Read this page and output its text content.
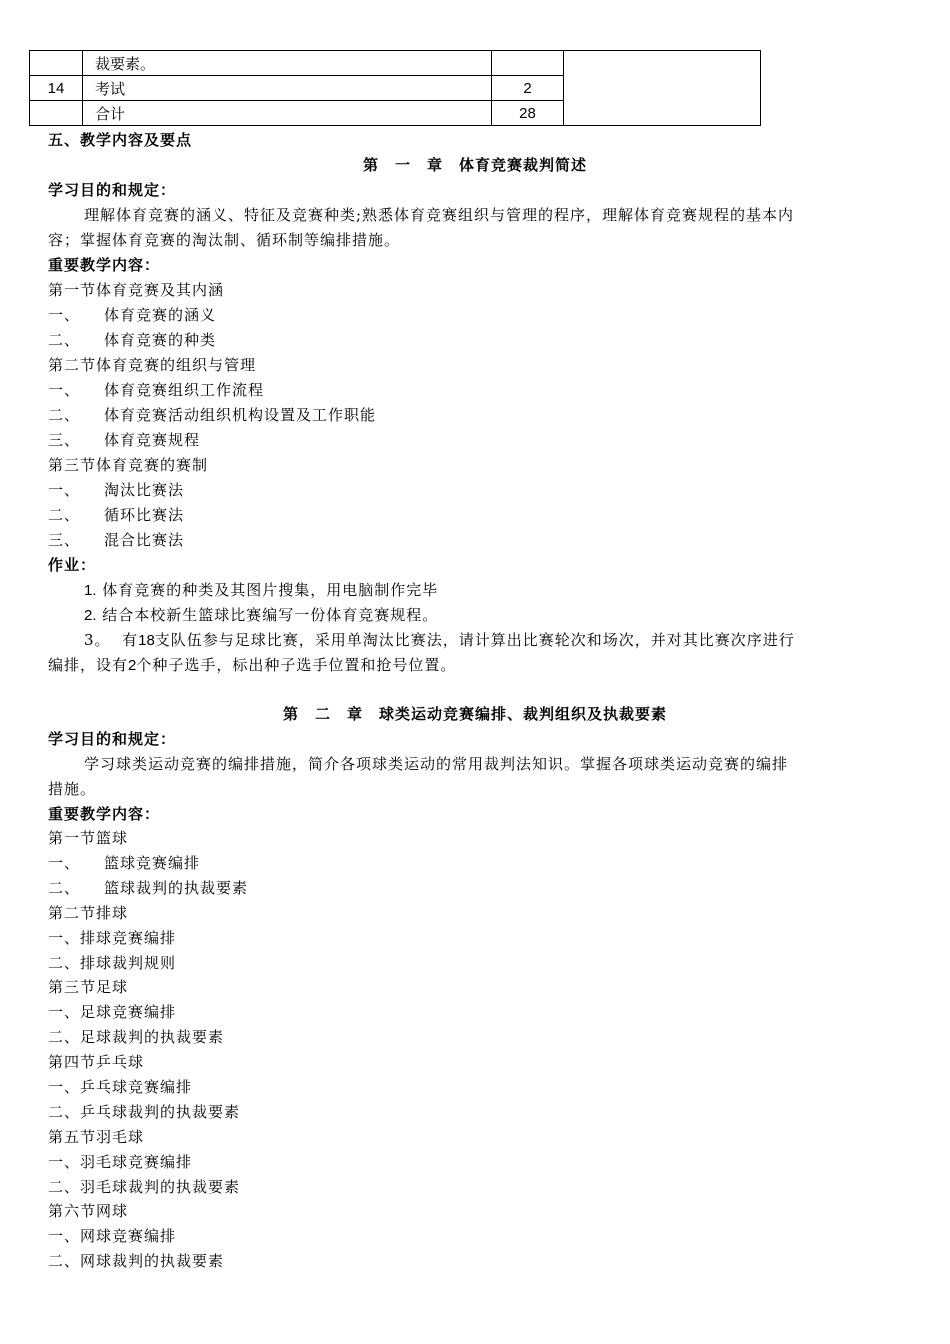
	裁要素。		
14	考试	2	
	合计	28	
五、教学内容及要点
第　一　章　体育竞赛裁判简述
学习目的和规定：
理解体育竞赛的涵义、特征及竞赛种类;熟悉体育竞赛组织与管理的程序，理解体育竞赛规程的基本内
容；掌握体育竞赛的淘汰制、循环制等编排措施。
重要教学内容：
第一节体育竞赛及其内涵
一、 体育竞赛的涵义
二、 体育竞赛的种类
第二节体育竞赛的组织与管理
一、 体育竞赛组织工作流程
二、 体育竞赛活动组织机构设置及工作职能
三、 体育竞赛规程
第三节体育竞赛的赛制
一、 淘汰比赛法
二、 循环比赛法
三、 混合比赛法
作业：
1. 体育竞赛的种类及其图片搜集，用电脑制作完毕
2. 结合本校新生篮球比赛编写一份体育竞赛规程。
3。 有18支队伍参与足球比赛，采用单淘汰比赛法，请计算出比赛轮次和场次，并对其比赛次序进行
编排，设有2个种子选手，标出种子选手位置和抢号位置。
第　二　章　球类运动竞赛编排、裁判组织及执裁要素
学习目的和规定：
学习球类运动竞赛的编排措施，简介各项球类运动的常用裁判法知识。掌握各项球类运动竞赛的编排
措施。
重要教学内容：
第一节篮球
一、 篮球竞赛编排
二、 篮球裁判的执裁要素
第二节排球
一、排球竞赛编排
二、排球裁判规则
第三节足球
一、足球竞赛编排
二、足球裁判的执裁要素
第四节乒乓球
一、乒乓球竞赛编排
二、乒乓球裁判的执裁要素
第五节羽毛球
一、羽毛球竞赛编排
二、羽毛球裁判的执裁要素
第六节网球
一、网球竞赛编排
二、网球裁判的执裁要素
